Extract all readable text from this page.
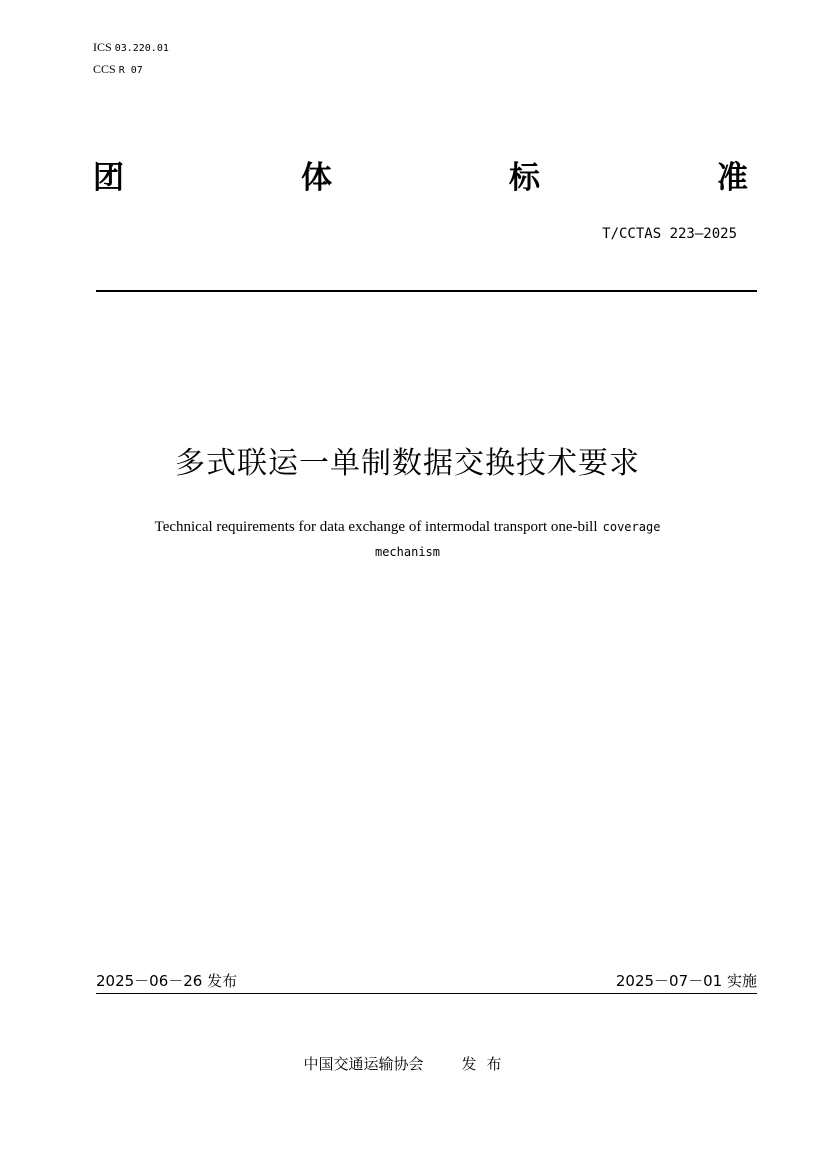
ICS 03.220.01
CCS R 07
团	体	标	准
T/CCTAS 223—2025
多式联运一单制数据交换技术要求
Technical requirements for data exchange of intermodal transport one-bill coverage
mechanism
2025－06－26 发布	2025－07－01 实施
中国交通运输协会	发布
